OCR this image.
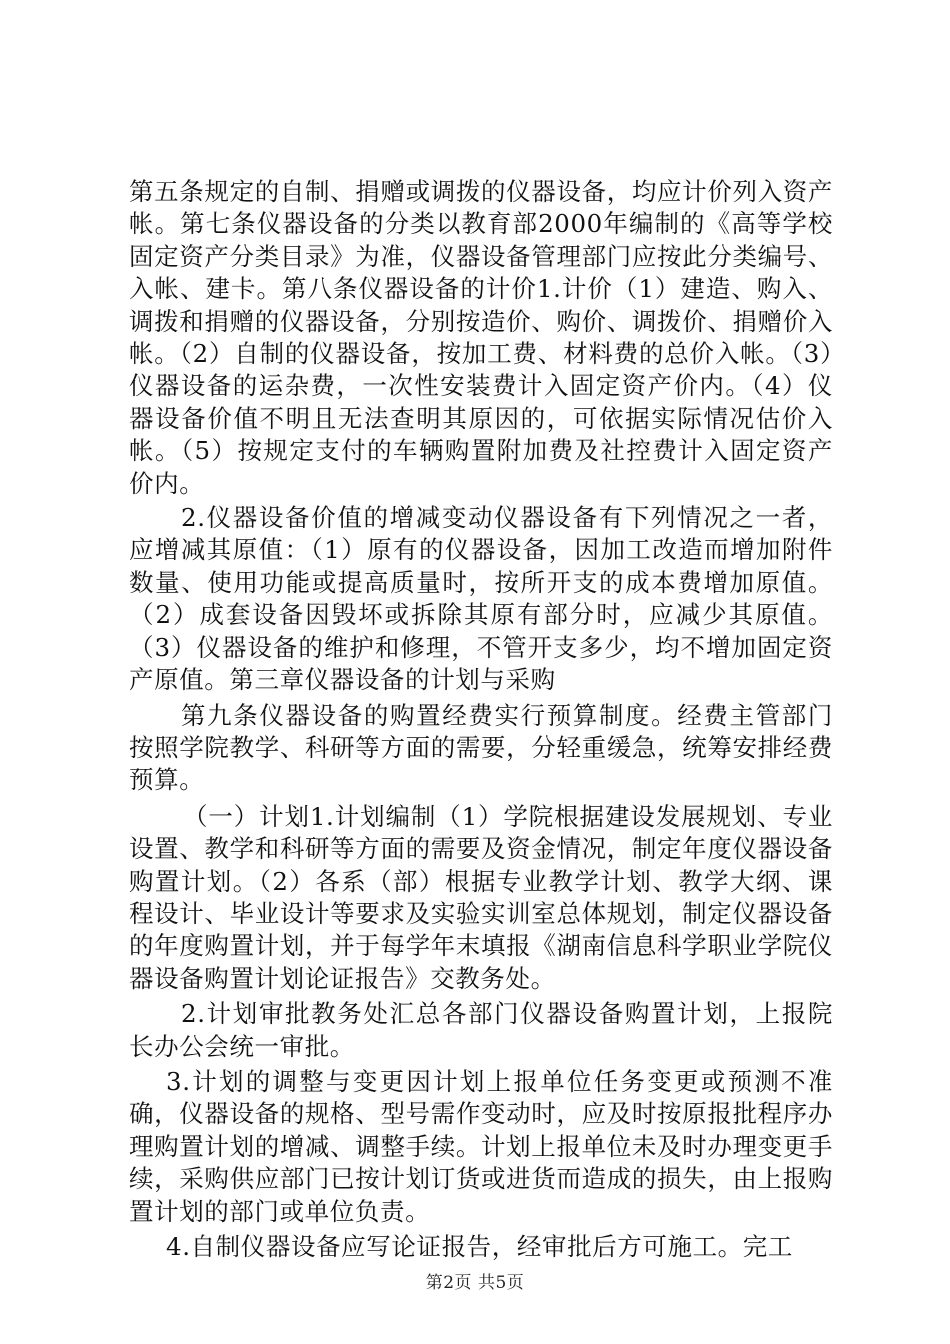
第五条规定的自制、捐赠或调拨的仪器设备，均应计价列入资产帐。第七条仪器设备的分类以教育部2000年编制的《高等学校固定资产分类目录》为准，仪器设备管理部门应按此分类编号、入帐、建卡。第八条仪器设备的计价1.计价（1）建造、购入、调拨和捐赠的仪器设备，分别按造价、购价、调拨价、捐赠价入帐。（2）自制的仪器设备，按加工费、材料费的总价入帐。（3）仪器设备的运杂费，一次性安装费计入固定资产价内。（4）仪器设备价值不明且无法查明其原因的，可依据实际情况估价入帐。（5）按规定支付的车辆购置附加费及社控费计入固定资产价内。

2.仪器设备价值的增减变动仪器设备有下列情况之一者，应增减其原值：（1）原有的仪器设备，因加工改造而增加附件数量、使用功能或提高质量时，按所开支的成本费增加原值。（2）成套设备因毁坏或拆除其原有部分时，应减少其原值。（3）仪器设备的维护和修理，不管开支多少，均不增加固定资产原值。第三章仪器设备的计划与采购

第九条仪器设备的购置经费实行预算制度。经费主管部门按照学院教学、科研等方面的需要，分轻重缓急，统筹安排经费预算。

（一）计划1.计划编制（1）学院根据建设发展规划、专业设置、教学和科研等方面的需要及资金情况，制定年度仪器设备购置计划。（2）各系（部）根据专业教学计划、教学大纲、课程设计、毕业设计等要求及实验实训室总体规划，制定仪器设备的年度购置计划，并于每学年末填报《湖南信息科学职业学院仪器设备购置计划论证报告》交教务处。

2.计划审批教务处汇总各部门仪器设备购置计划，上报院长办公会统一审批。

3.计划的调整与变更因计划上报单位任务变更或预测不准确，仪器设备的规格、型号需作变动时，应及时按原报批程序办理购置计划的增减、调整手续。计划上报单位未及时办理变更手续，采购供应部门已按计划订货或进货而造成的损失，由上报购置计划的部门或单位负责。

4.自制仪器设备应写论证报告，经审批后方可施工。完工

第2页 共5页
